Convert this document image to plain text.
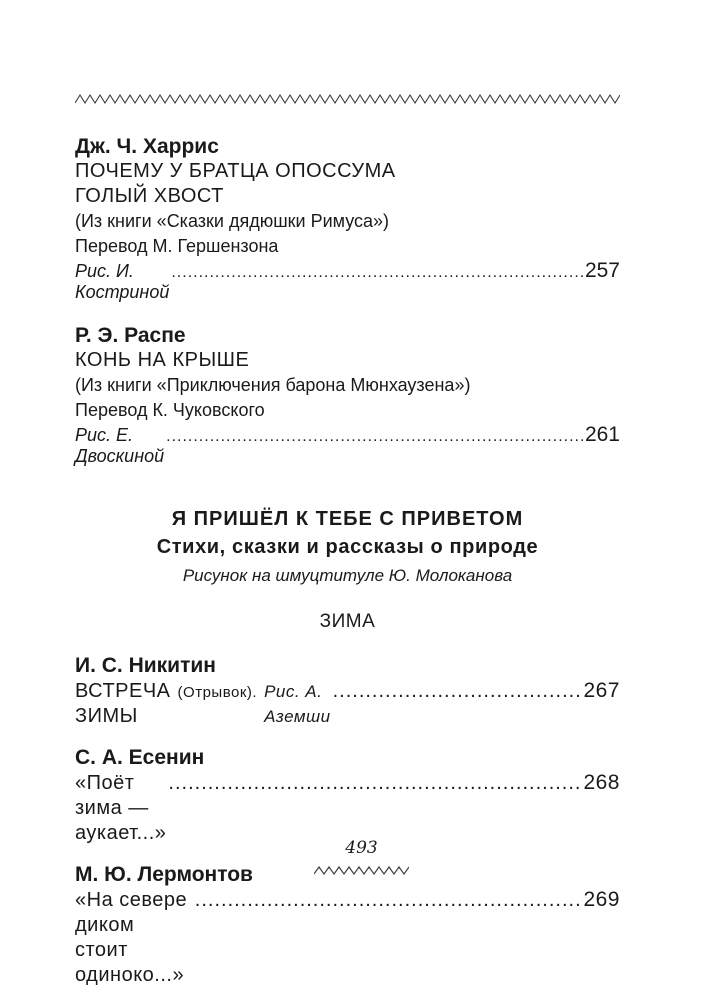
Дж. Ч. Харрис
ПОЧЕМУ У БРАТЦА ОПОССУМА
ГОЛЫЙ ХВОСТ
(Из книги «Сказки дядюшки Римуса»)
Перевод М. Гершензона
Рис. И. Костриной
.....
257
Р. Э. Распе
КОНЬ НА КРЫШЕ
(Из книги «Приключения барона Мюнхаузена»)
Перевод К. Чуковского
Рис. Е. Двоскиной
.....
261
Я ПРИШЁЛ К ТЕБЕ С ПРИВЕТОМ
Стихи, сказки и рассказы о природе
Рисунок на шмуцтитуле Ю. Молоканова
ЗИМА
И. С. Никитин
ВСТРЕЧА ЗИМЫ
(Отрывок). Рис. А. Аземши
.....
267
С. А. Есенин
«Поёт зима — аукает...»
.....
268
М. Ю. Лермонтов
«На севере диком стоит одиноко...»
.....
269
493
